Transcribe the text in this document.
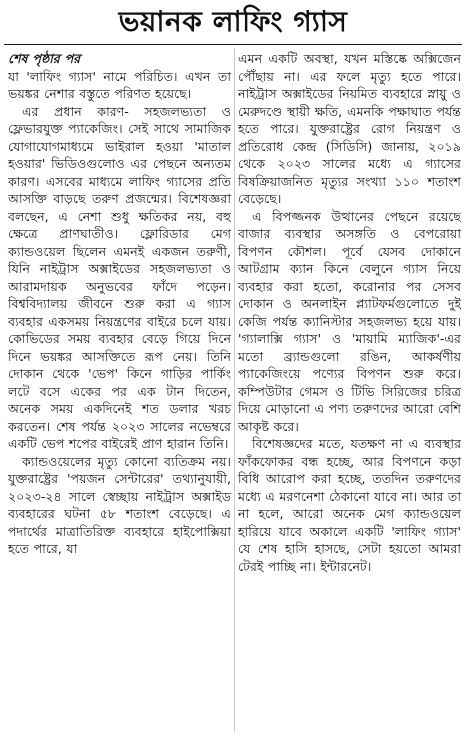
ভয়ানক লাফিং গ্যাস
শেষ পৃষ্ঠার পর

যা 'লাফিং গ্যাস' নামে পরিচিত। এখন তা ভয়ঙ্কর নেশার বস্তুতে পরিণত হয়েছে।

এর প্রধান কারণ- সহজলভ্যতা ও ফ্লেভারযুক্ত প্যাকেজিং। সেই সাথে সামাজিক যোগাযোগমাধ্যমে ভাইরাল হওয়া 'মাতাল হওয়ার' ভিডিওগুলোও এর পেছনে অন্যতম কারণ। এসবের মাধ্যমে লাফিং গ্যাসের প্রতি আসক্তি বাড়ছে তরুণ প্রজন্মের। বিশেষজ্ঞরা বলছেন, এ নেশা শুধু ক্ষতিকর নয়, বহু ক্ষেত্রে প্রাণঘাতীও। ফ্লোরিডার মেগ ক্যান্ডওয়েল ছিলেন এমনই একজন তরুণী, যিনি নাইট্রাস অক্সাইডের সহজলভ্যতা ও আরামদায়ক অনুভবের ফাঁদে পড়েন। বিশ্ববিদ্যালয় জীবনে শুরু করা এ গ্যাস ব্যবহার একসময় নিয়ন্ত্রণের বাইরে চলে যায়। কোভিডের সময় ব্যবহার বেড়ে গিয়ে দিনে দিনে ভয়ঙ্কর আসক্তিতে রূপ নেয়। তিনি দোকান থেকে 'ভেপ' কিনে গাড়ির পার্কিং লটে বসে একের পর এক টান দিতেন, অনেক সময় একদিনেই শত ডলার খরচ করতেন। শেষ পর্যন্ত ২০২৩ সালের নভেম্বরে একটি ভেপ শপের বাইরেই প্রাণ হারান তিনি।

ক্যান্ডওয়েলের মৃত্যু কোনো ব্যতিক্রম নয়। যুক্তরাষ্ট্রের 'পয়জন সেন্টারের' তথ্যানুযায়ী, ২০২৩-২৪ সালে স্বেচ্ছায় নাইট্রাস অক্সাইড ব্যবহারের ঘটনা ৫৮ শতাংশ বেড়েছে। এ পদার্থের মাত্রাতিরিক্ত ব্যবহারে হাইপোক্সিয়া হতে পারে, যা

এমন একটি অবস্থা, যখন মস্তিষ্কে অক্সিজেন পৌঁছায় না। এর ফলে মৃত্যু হতে পারে। নাইট্রাস অক্সাইডের নিয়মিত ব্যবহারে স্নায়ু ও মেরুদণ্ডে স্থায়ী ক্ষতি, এমনকি পক্ষাঘাত পর্যন্ত হতে পারে। যুক্তরাষ্ট্রের রোগ নিয়ন্ত্রণ ও প্রতিরোধ কেন্দ্র (সিডিসি) জানায়, ২০১৯ থেকে ২০২৩ সালের মধ্যে এ গ্যাসের বিষক্রিয়াজনিত মৃত্যুর সংখ্যা ১১০ শতাংশ বেড়েছে।

এ বিপজ্জনক উত্থানের পেছনে রয়েছে বাজার ব্যবস্থার অসঙ্গতি ও বেপরোয়া বিপণন কৌশল। পূর্বে যেসব দোকানে আটগ্রাম ক্যান কিনে বেলুনে গ্যাস নিয়ে ব্যবহার করা হতো, করোনার পর সেসব দোকান ও অনলাইন প্ল্যাটফর্মগুলোতে দুই কেজি পর্যন্ত ক্যানিস্টার সহজলভ্য হয়ে যায়। 'গ্যালাক্সি গ্যাস' ও 'মায়ামি ম্যাজিক'-এর মতো ব্র্যান্ডগুলো রঙিন, আকর্ষণীয় প্যাকেজিংয়ে পণ্যের বিপণন শুরু করে। কম্পিউটার গেমস ও টিভি সিরিজের চরিত্র দিয়ে মোড়ানো এ পণ্য তরুণদের আরো বেশি আকৃষ্ট করে।

বিশেষজ্ঞদের মতে, যতক্ষণ না এ ব্যবস্থার ফাঁকফোকর বন্ধ হচ্ছে, আর বিপণনে কড়া বিধি আরোপ করা হচ্ছে, ততদিন তরুণদের মধ্যে এ মরণনেশা ঠেকানো যাবে না। আর তা না হলে, আরো অনেক মেগ ক্যান্ডওয়েল হারিয়ে যাবে অকালে একটি 'লাফিং গ্যাস' যে শেষ হাসি হাসছে, সেটা হয়তো আমরা টেরই পাচ্ছি না। ইন্টারনেট।
